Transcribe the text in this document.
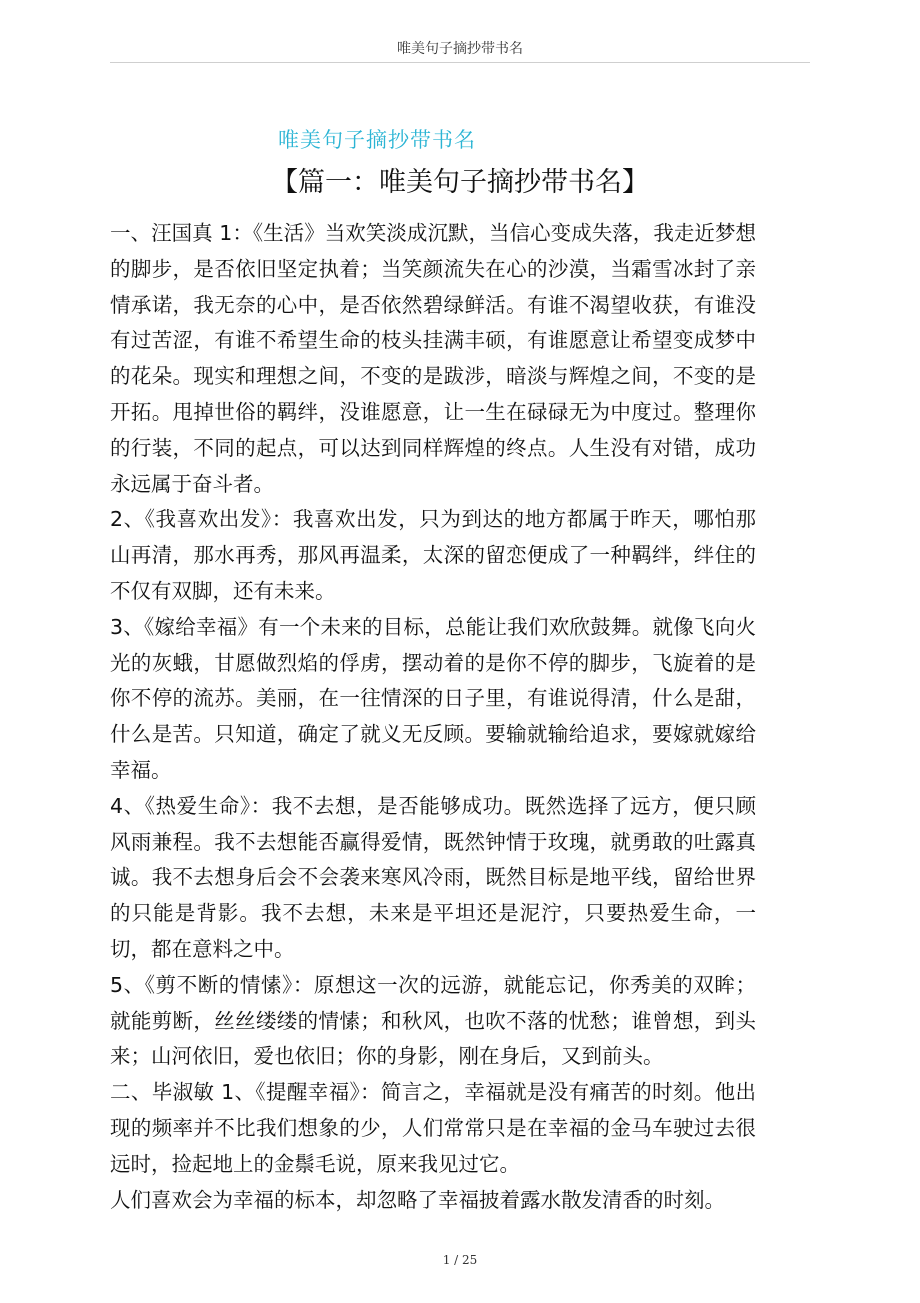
唯美句子摘抄带书名
唯美句子摘抄带书名
【篇一：唯美句子摘抄带书名】

一、汪国真 1：《生活》当欢笑淡成沉默，当信心变成失落，我走近梦想的脚步，是否依旧坚定执着；当笑颜流失在心的沙漠，当霜雪冰封了亲情承诺，我无奈的心中，是否依然碧绿鲜活。有谁不渴望收获，有谁没有过苦涩，有谁不希望生命的枝头挂满丰硕，有谁愿意让希望变成梦中的花朵。现实和理想之间，不变的是跋涉，暗淡与辉煌之间，不变的是开拓。甩掉世俗的羁绊，没谁愿意，让一生在碌碌无为中度过。整理你的行装，不同的起点，可以达到同样辉煌的终点。人生没有对错，成功永远属于奋斗者。

2、《我喜欢出发》：我喜欢出发，只为到达的地方都属于昨天，哪怕那山再清，那水再秀，那风再温柔，太深的留恋便成了一种羁绊，绊住的不仅有双脚，还有未来。

3、《嫁给幸福》有一个未来的目标，总能让我们欢欣鼓舞。就像飞向火光的灰蛾，甘愿做烈焰的俘虏，摆动着的是你不停的脚步，飞旋着的是你不停的流苏。美丽，在一往情深的日子里，有谁说得清，什么是甜，什么是苦。只知道，确定了就义无反顾。要输就输给追求，要嫁就嫁给幸福。

4、《热爱生命》：我不去想，是否能够成功。既然选择了远方，便只顾风雨兼程。我不去想能否赢得爱情，既然钟情于玫瑰，就勇敢的吐露真诚。我不去想身后会不会袭来寒风冷雨，既然目标是地平线，留给世界的只能是背影。我不去想，未来是平坦还是泥泞，只要热爱生命，一切，都在意料之中。

5、《剪不断的情愫》：原想这一次的远游，就能忘记，你秀美的双眸；就能剪断，丝丝缕缕的情愫；和秋风，也吹不落的忧愁；谁曾想，到头来；山河依旧，爱也依旧；你的身影，刚在身后，又到前头。

二、毕淑敏 1、《提醒幸福》：简言之，幸福就是没有痛苦的时刻。他出现的频率并不比我们想象的少，人们常常只是在幸福的金马车驶过去很远时，捡起地上的金鬃毛说，原来我见过它。

人们喜欢会为幸福的标本，却忽略了幸福披着露水散发清香的时刻。

1 / 25
